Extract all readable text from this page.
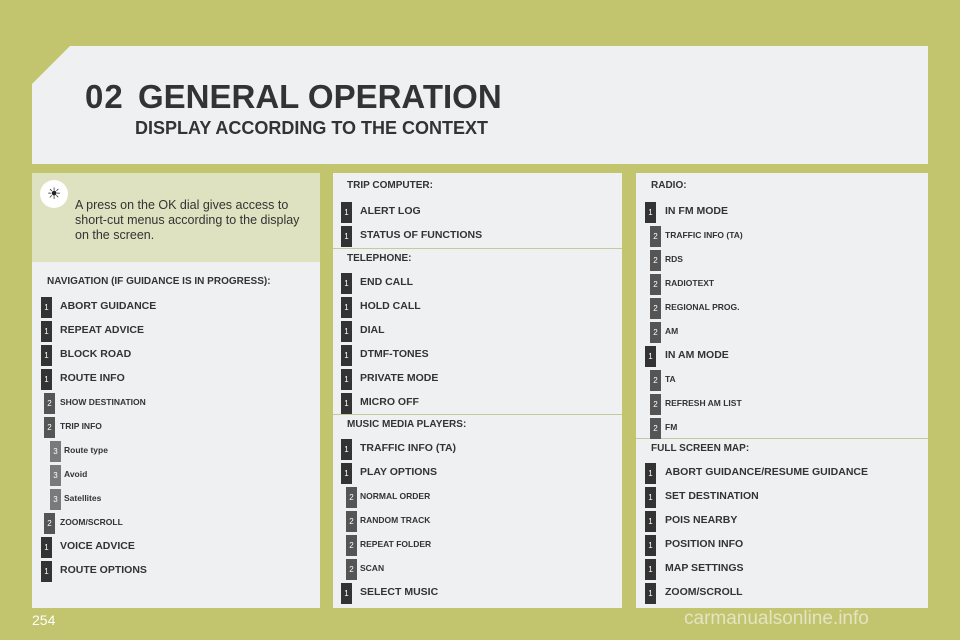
02 GENERAL OPERATION
DISPLAY ACCORDING TO THE CONTEXT
☀
A press on the OK dial gives access to short-cut menus according to the display on the screen.
NAVIGATION (IF GUIDANCE IS IN PROGRESS):
TRIP COMPUTER:
TELEPHONE:
MUSIC MEDIA PLAYERS:
RADIO:
FULL SCREEN MAP:
1	ABORT GUIDANCE
1	REPEAT ADVICE
1	BLOCK ROAD
1	ROUTE INFO
2 SHOW DESTINATION
2 TRIP INFO
3 Route type
3 Avoid
3 Satellites
2 ZOOM/SCROLL
1	VOICE ADVICE
1	ROUTE OPTIONS
1	ALERT LOG
1	STATUS OF FUNCTIONS
1	END CALL
1	HOLD CALL
1	DIAL
1	DTMF-TONES
1	PRIVATE MODE
1	MICRO OFF
1	TRAFFIC INFO (TA)
1	PLAY OPTIONS
2 NORMAL ORDER
2 RANDOM TRACK
2 REPEAT FOLDER
2 SCAN
1	SELECT MUSIC
1	IN FM MODE
2 TRAFFIC INFO (TA)
2 RDS
2 RADIOTEXT
2 REGIONAL PROG.
2 AM
1	IN AM MODE
2 TA
2 REFRESH AM LIST
2 FM
1	ABORT GUIDANCE/RESUME GUIDANCE
1	SET DESTINATION
1	POIS NEARBY
1	POSITION INFO
1	MAP SETTINGS
1	ZOOM/SCROLL
254	carmanualsonline.info
